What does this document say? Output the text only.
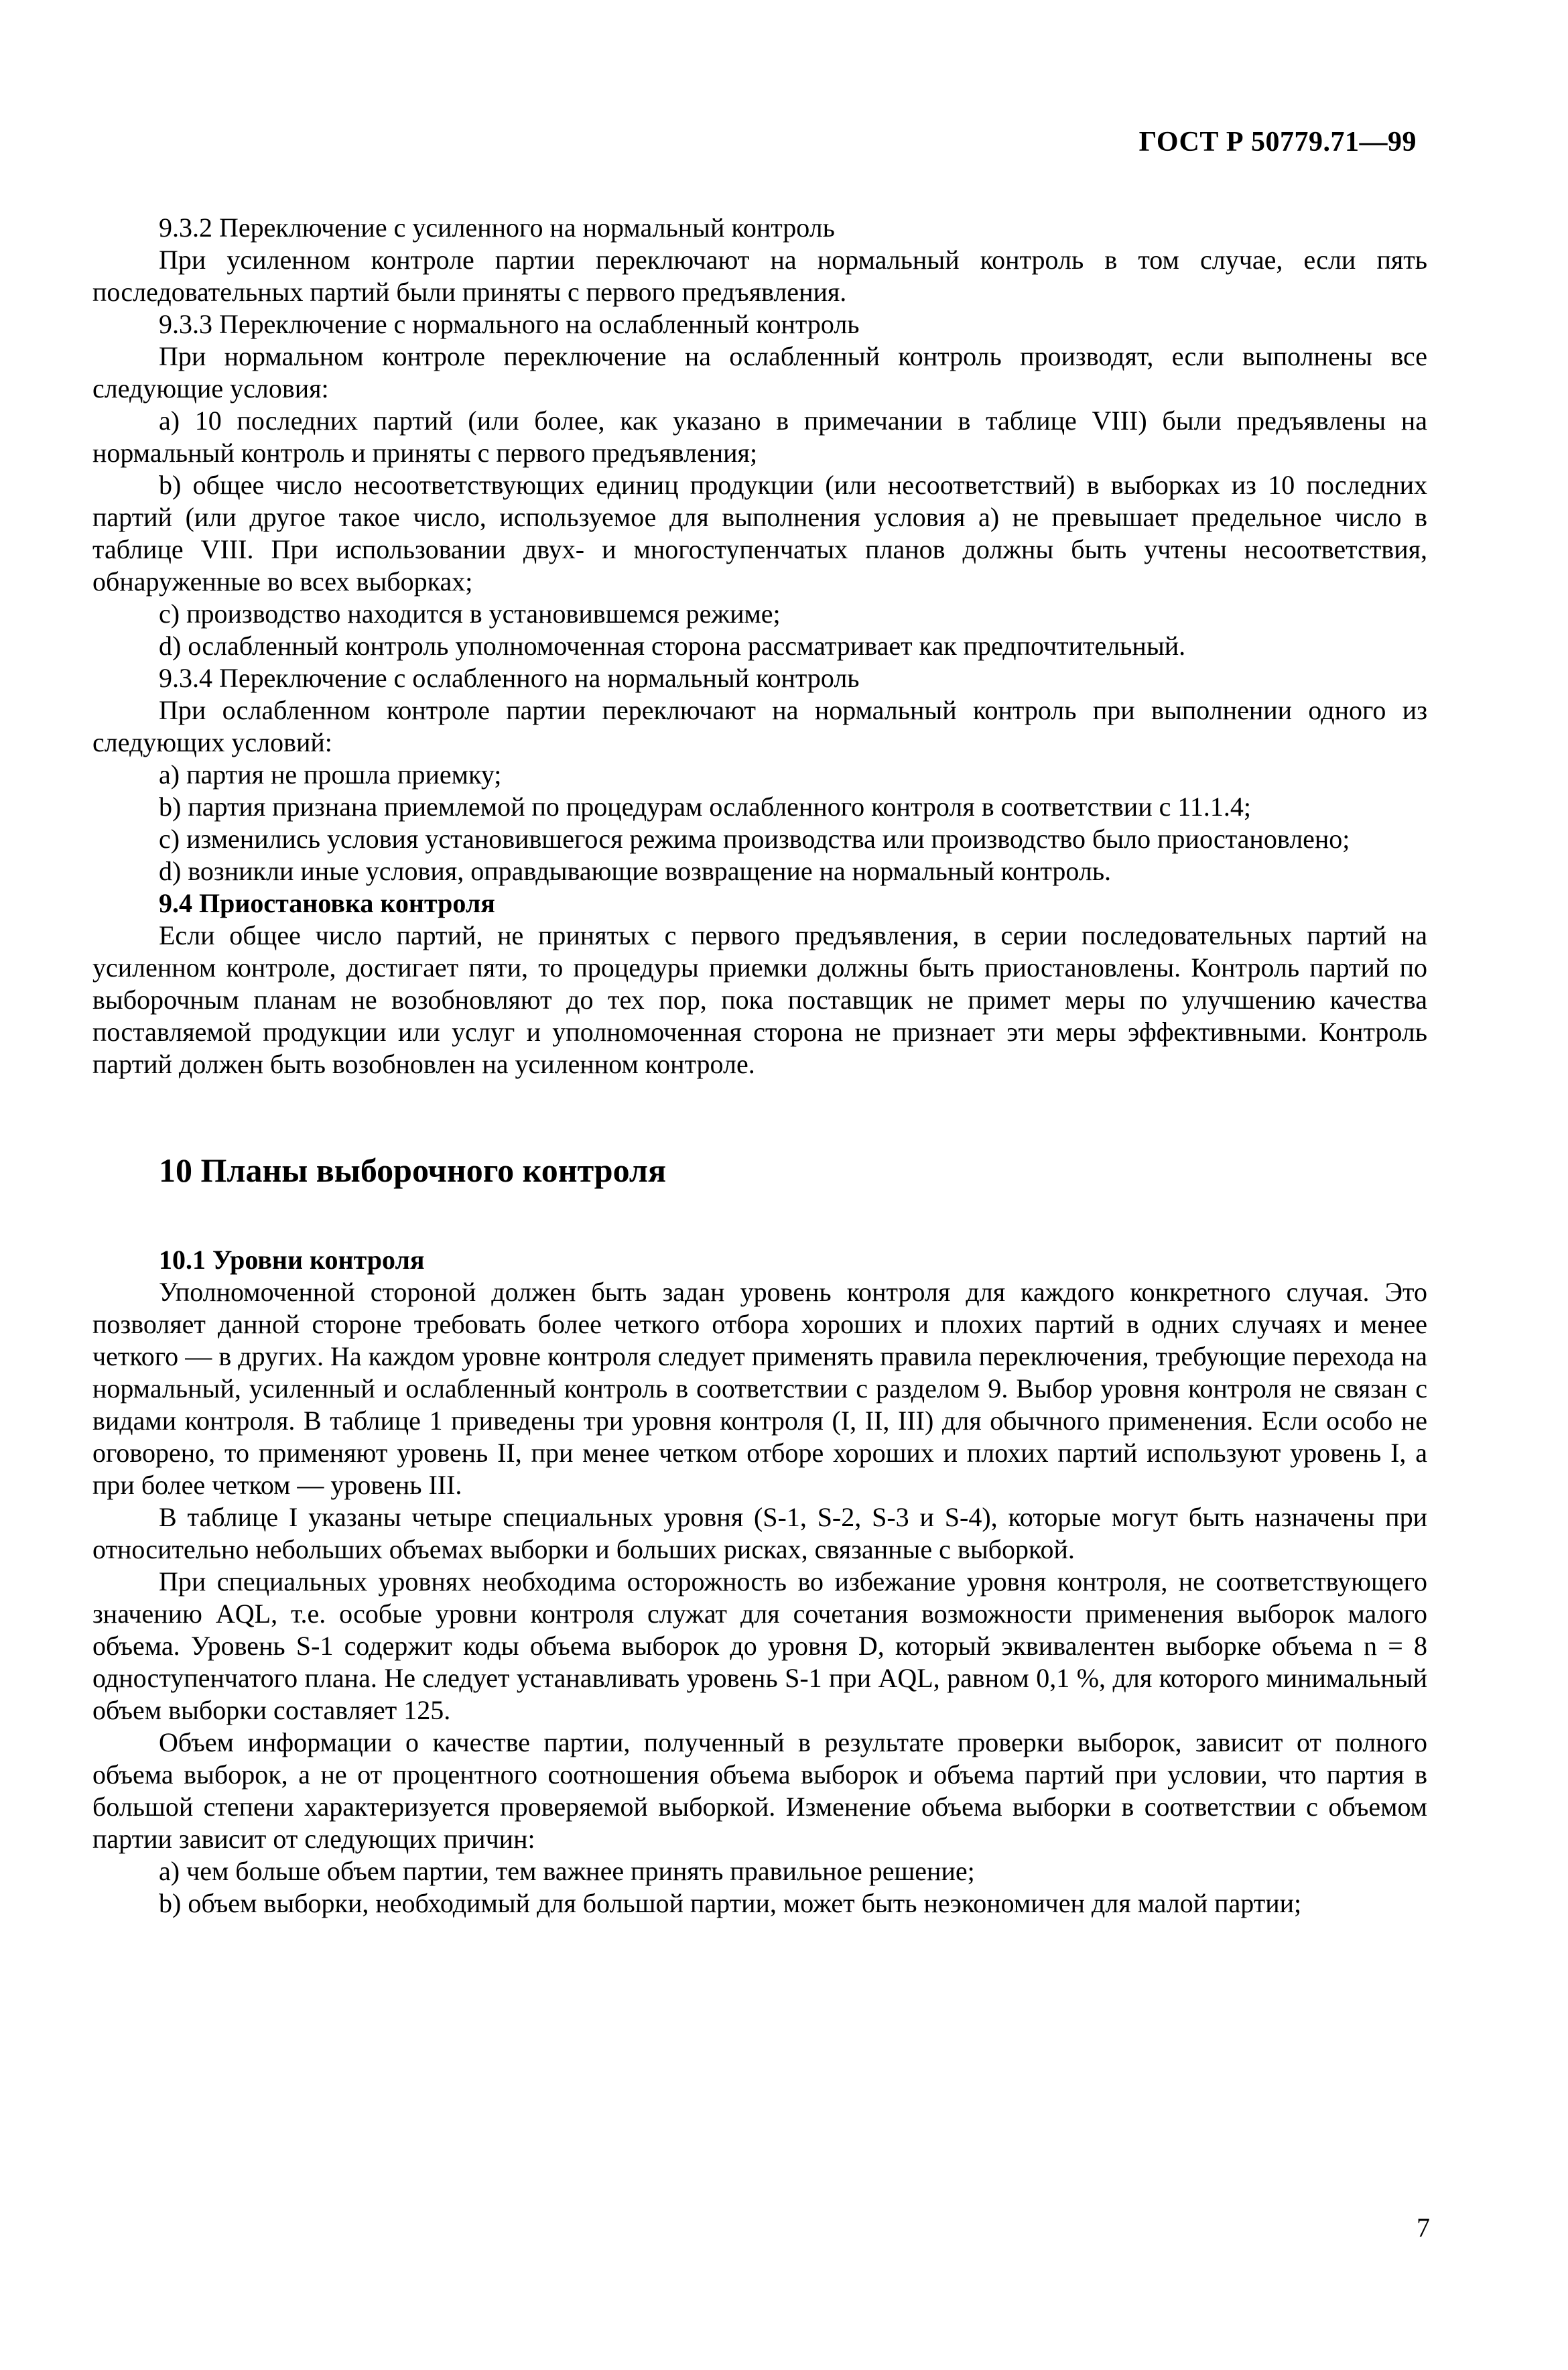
ГОСТ Р 50779.71—99

9.3.2 Переключение с усиленного на нормальный контроль

При усиленном контроле партии переключают на нормальный контроль в том случае, если пять последовательных партий были приняты с первого предъявления.

9.3.3 Переключение с нормального на ослабленный контроль

При нормальном контроле переключение на ослабленный контроль производят, если выполнены все следующие условия:

а) 10 последних партий (или более, как указано в примечании в таблице VIII) были предъявлены на нормальный контроль и приняты с первого предъявления;

b) общее число несоответствующих единиц продукции (или несоответствий) в выборках из 10 последних партий (или другое такое число, используемое для выполнения условия а) не превышает предельное число в таблице VIII. При использовании двух- и многоступенчатых планов должны быть учтены несоответствия, обнаруженные во всех выборках;

с) производство находится в установившемся режиме;

d) ослабленный контроль уполномоченная сторона рассматривает как предпочтительный.

9.3.4 Переключение с ослабленного на нормальный контроль

При ослабленном контроле партии переключают на нормальный контроль при выполнении одного из следующих условий:

а) партия не прошла приемку;

b) партия признана приемлемой по процедурам ослабленного контроля в соответствии с 11.1.4;

с) изменились условия установившегося режима производства или производство было приостановлено;

d) возникли иные условия, оправдывающие возвращение на нормальный контроль.

9.4 Приостановка контроля

Если общее число партий, не принятых с первого предъявления, в серии последовательных партий на усиленном контроле, достигает пяти, то процедуры приемки должны быть приостановлены. Контроль партий по выборочным планам не возобновляют до тех пор, пока поставщик не примет меры по улучшению качества поставляемой продукции или услуг и уполномоченная сторона не признает эти меры эффективными. Контроль партий должен быть возобновлен на усиленном контроле.

10 Планы выборочного контроля

10.1 Уровни контроля

Уполномоченной стороной должен быть задан уровень контроля для каждого конкретного случая. Это позволяет данной стороне требовать более четкого отбора хороших и плохих партий в одних случаях и менее четкого — в других. На каждом уровне контроля следует применять правила переключения, требующие перехода на нормальный, усиленный и ослабленный контроль в соответствии с разделом 9. Выбор уровня контроля не связан с видами контроля. В таблице 1 приведены три уровня контроля (I, II, III) для обычного применения. Если особо не оговорено, то применяют уровень II, при менее четком отборе хороших и плохих партий используют уровень I, а при более четком — уровень III.

В таблице I указаны четыре специальных уровня (S-1, S-2, S-3 и S-4), которые могут быть назначены при относительно небольших объемах выборки и больших рисках, связанные с выборкой.

При специальных уровнях необходима осторожность во избежание уровня контроля, не соответствующего значению AQL, т.е. особые уровни контроля служат для сочетания возможности применения выборок малого объема. Уровень S-1 содержит коды объема выборок до уровня D, который эквивалентен выборке объема n = 8 одноступенчатого плана. Не следует устанавливать уровень S-1 при AQL, равном 0,1 %, для которого минимальный объем выборки составляет 125.

Объем информации о качестве партии, полученный в результате проверки выборок, зависит от полного объема выборок, а не от процентного соотношения объема выборок и объема партий при условии, что партия в большой степени характеризуется проверяемой выборкой. Изменение объема выборки в соответствии с объемом партии зависит от следующих причин:

а) чем больше объем партии, тем важнее принять правильное решение;

b) объем выборки, необходимый для большой партии, может быть неэкономичен для малой партии;

7
